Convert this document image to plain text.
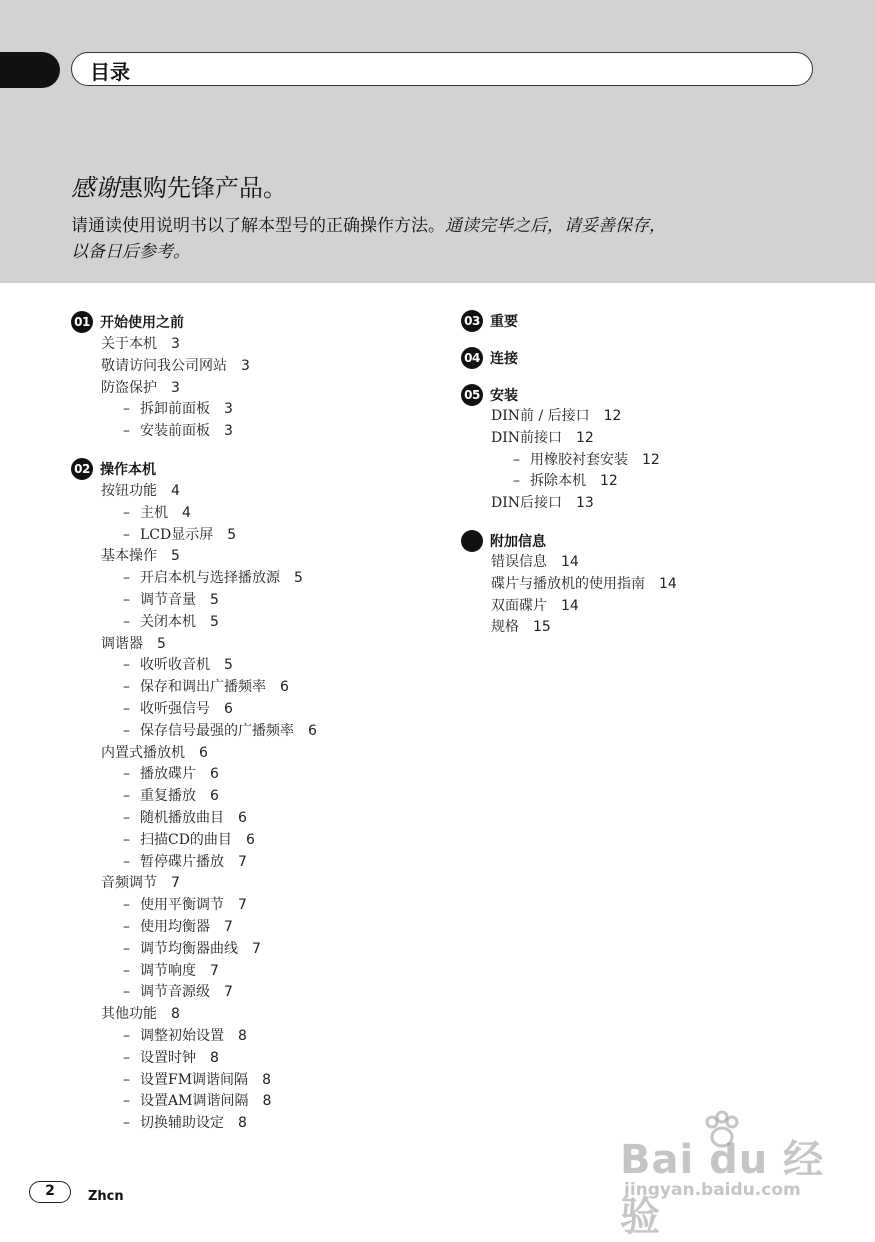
目录
感谢惠购先锋产品。
请通读使用说明书以了解本型号的正确操作方法。通读完毕之后，请妥善保存，
以备日后参考。
01 开始使用之前
关于本机 3
敬请访问我公司网站 3
防盗保护 3
– 拆卸前面板 3
– 安装前面板 3
02 操作本机
按钮功能 4
– 主机 4
– LCD显示屏 5
基本操作 5
– 开启本机与选择播放源 5
– 调节音量 5
– 关闭本机 5
调谐器 5
– 收听收音机 5
– 保存和调出广播频率 6
– 收听强信号 6
– 保存信号最强的广播频率 6
内置式播放机 6
– 播放碟片 6
– 重复播放 6
– 随机播放曲目 6
– 扫描CD的曲目 6
– 暂停碟片播放 7
音频调节 7
– 使用平衡调节 7
– 使用均衡器 7
– 调节均衡器曲线 7
– 调节响度 7
– 调节音源级 7
其他功能 8
– 调整初始设置 8
– 设置时钟 8
– 设置FM调谐间隔 8
– 设置AM调谐间隔 8
– 切换辅助设定 8
03 重要
04 连接
05 安装
DIN前 / 后接口 12
DIN前接口 12
– 用橡胶衬套安装 12
– 拆除本机 12
DIN后接口 13
附加信息
错误信息 14
碟片与播放机的使用指南 14
双面碟片 14
规格 15
2	Zhcn
Bai du 经验
jingyan.baidu.com
